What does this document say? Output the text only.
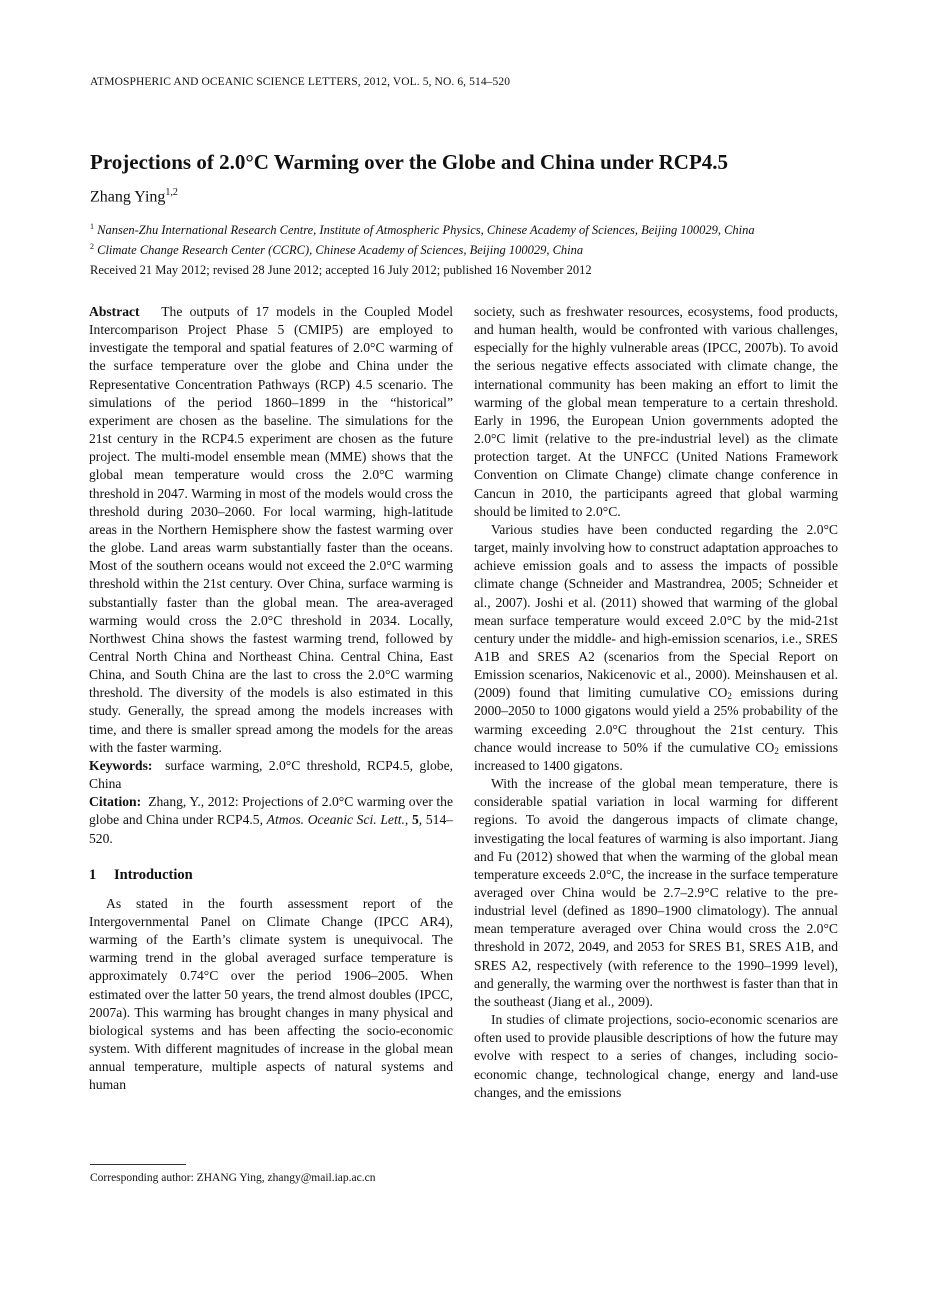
ATMOSPHERIC AND OCEANIC SCIENCE LETTERS, 2012, VOL. 5, NO. 6, 514–520
Projections of 2.0°C Warming over the Globe and China under RCP4.5
Zhang Ying$^{1,2}$
$^1$ Nansen-Zhu International Research Centre, Institute of Atmospheric Physics, Chinese Academy of Sciences, Beijing 100029, China
$^2$ Climate Change Research Center (CCRC), Chinese Academy of Sciences, Beijing 100029, China
Received 21 May 2012; revised 28 June 2012; accepted 16 July 2012; published 16 November 2012

Abstract The outputs of 17 models in the Coupled Model Intercomparison Project Phase 5 (CMIP5) are employed to investigate the temporal and spatial features of 2.0°C warming of the surface temperature over the globe and China under the Representative Concentration Pathways (RCP) 4.5 scenario. The simulations of the period 1860–1899 in the “historical” experiment are chosen as the baseline. The simulations for the 21st century in the RCP4.5 experiment are chosen as the future project. The multi-model ensemble mean (MME) shows that the global mean temperature would cross the 2.0°C warming threshold in 2047. Warming in most of the models would cross the threshold during 2030–2060. For local warming, high-latitude areas in the Northern Hemisphere show the fastest warming over the globe. Land areas warm substantially faster than the oceans. Most of the southern oceans would not exceed the 2.0°C warming threshold within the 21st century. Over China, surface warming is substantially faster than the global mean. The area-averaged warming would cross the 2.0°C threshold in 2034. Locally, Northwest China shows the fastest warming trend, followed by Central North China and Northeast China. Central China, East China, and South China are the last to cross the 2.0°C warming threshold. The diversity of the models is also estimated in this study. Generally, the spread among the models increases with time, and there is smaller spread among the models for the areas with the faster warming.

Keywords: surface warming, 2.0°C threshold, RCP4.5, globe, China

Citation: Zhang, Y., 2012: Projections of 2.0°C warming over the globe and China under RCP4.5, Atmos. Oceanic Sci. Lett., 5, 514–520.

1 Introduction

As stated in the fourth assessment report of the Intergovernmental Panel on Climate Change (IPCC AR4), warming of the Earth’s climate system is unequivocal. The warming trend in the global averaged surface temperature is approximately 0.74°C over the period 1906–2005. When estimated over the latter 50 years, the trend almost doubles (IPCC, 2007a). This warming has brought changes in many physical and biological systems and has been affecting the socio-economic system. With different magnitudes of increase in the global mean annual temperature, multiple aspects of natural systems and human

society, such as freshwater resources, ecosystems, food products, and human health, would be confronted with various challenges, especially for the highly vulnerable areas (IPCC, 2007b). To avoid the serious negative effects associated with climate change, the international community has been making an effort to limit the warming of the global mean temperature to a certain threshold. Early in 1996, the European Union governments adopted the 2.0°C limit (relative to the pre-industrial level) as the climate protection target. At the UNFCC (United Nations Framework Convention on Climate Change) climate change conference in Cancun in 2010, the participants agreed that global warming should be limited to 2.0°C.

Various studies have been conducted regarding the 2.0°C target, mainly involving how to construct adaptation approaches to achieve emission goals and to assess the impacts of possible climate change (Schneider and Mastrandrea, 2005; Schneider et al., 2007). Joshi et al. (2011) showed that warming of the global mean surface temperature would exceed 2.0°C by the mid-21st century under the middle- and high-emission scenarios, i.e., SRES A1B and SRES A2 (scenarios from the Special Report on Emission scenarios, Nakicenovic et al., 2000). Meinshausen et al. (2009) found that limiting cumulative $CO_2$ emissions during 2000–2050 to 1000 gigatons would yield a 25% probability of the warming exceeding 2.0°C throughout the 21st century. This chance would increase to 50% if the cumulative $CO_2$ emissions increased to 1400 gigatons.

With the increase of the global mean temperature, there is considerable spatial variation in local warming for different regions. To avoid the dangerous impacts of climate change, investigating the local features of warming is also important. Jiang and Fu (2012) showed that when the warming of the global mean temperature exceeds 2.0°C, the increase in the surface temperature averaged over China would be 2.7–2.9°C relative to the pre-industrial level (defined as 1890–1900 climatology). The annual mean temperature averaged over China would cross the 2.0°C threshold in 2072, 2049, and 2053 for SRES B1, SRES A1B, and SRES A2, respectively (with reference to the 1990–1999 level), and generally, the warming over the northwest is faster than that in the southeast (Jiang et al., 2009).

In studies of climate projections, socio-economic scenarios are often used to provide plausible descriptions of how the future may evolve with respect to a series of changes, including socio-economic change, technological change, energy and land-use changes, and the emissions

Corresponding author: ZHANG Ying, zhangy@mail.iap.ac.cn
